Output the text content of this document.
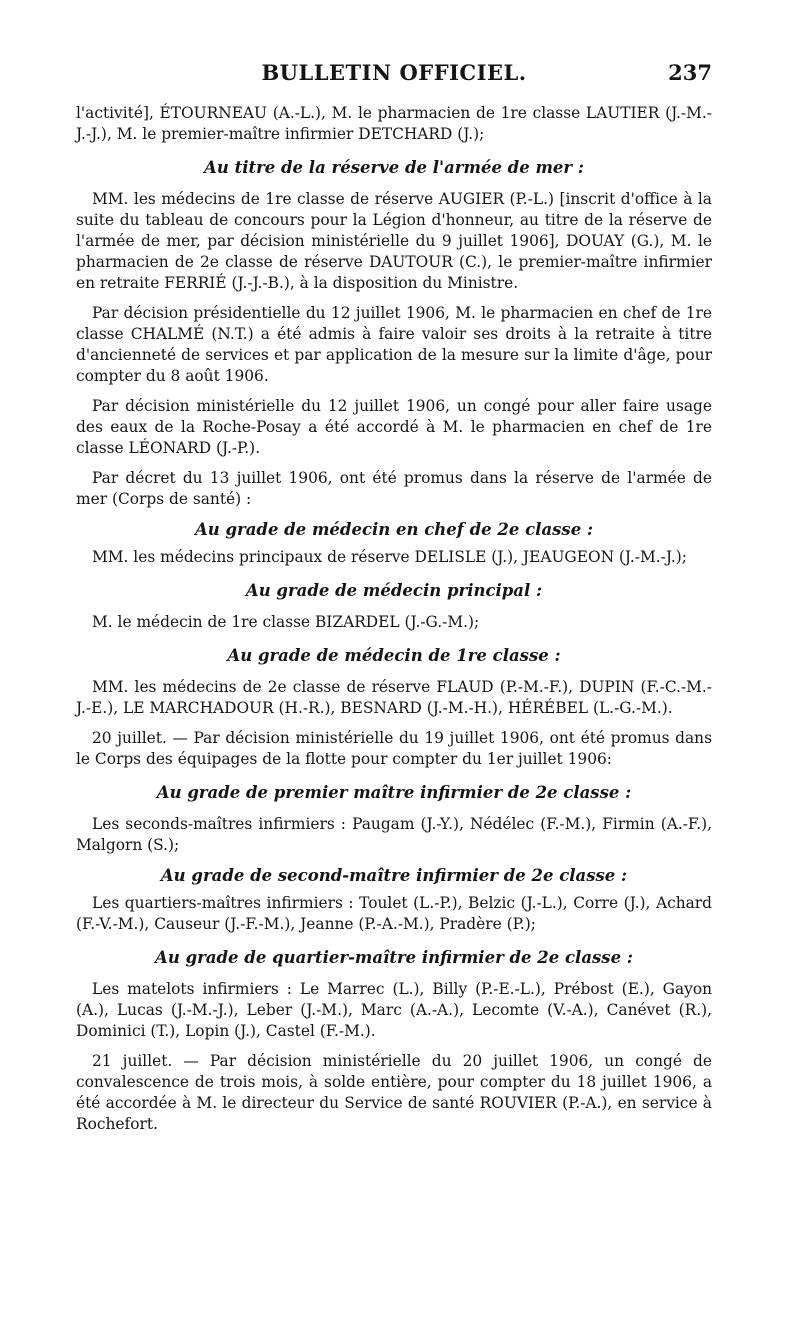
BULLETIN OFFICIEL.	237

l'activité], ÉTOURNEAU (A.-L.), M. le pharmacien de 1re classe LAUTIER (J.-M.-J.-J.), M. le premier-maître infirmier DETCHARD (J.);

Au titre de la réserve de l'armée de mer :

MM. les médecins de 1re classe de réserve AUGIER (P.-L.) [inscrit d'office à la suite du tableau de concours pour la Légion d'honneur, au titre de la réserve de l'armée de mer, par décision ministérielle du 9 juillet 1906], DOUAY (G.), M. le pharmacien de 2e classe de réserve DAUTOUR (C.), le premier-maître infirmier en retraite FERRIÉ (J.-J.-B.), à la disposition du Ministre.

Par décision présidentielle du 12 juillet 1906, M. le pharmacien en chef de 1re classe CHALMÉ (N.T.) a été admis à faire valoir ses droits à la retraite à titre d'ancienneté de services et par application de la mesure sur la limite d'âge, pour compter du 8 août 1906.

Par décision ministérielle du 12 juillet 1906, un congé pour aller faire usage des eaux de la Roche-Posay a été accordé à M. le pharmacien en chef de 1re classe LÉONARD (J.-P.).

Par décret du 13 juillet 1906, ont été promus dans la réserve de l'armée de mer (Corps de santé) :

Au grade de médecin en chef de 2e classe :

MM. les médecins principaux de réserve DELISLE (J.), JEAUGEON (J.-M.-J.);

Au grade de médecin principal :

M. le médecin de 1re classe BIZARDEL (J.-G.-M.);

Au grade de médecin de 1re classe :

MM. les médecins de 2e classe de réserve FLAUD (P.-M.-F.), DUPIN (F.-C.-M.-J.-E.), LE MARCHADOUR (H.-R.), BESNARD (J.-M.-H.), HÉRÉBEL (L.-G.-M.).

20 juillet. — Par décision ministérielle du 19 juillet 1906, ont été promus dans le Corps des équipages de la flotte pour compter du 1er juillet 1906:

Au grade de premier maître infirmier de 2e classe :

Les seconds-maîtres infirmiers : Paugam (J.-Y.), Nédélec (F.-M.), Firmin (A.-F.), Malgorn (S.);

Au grade de second-maître infirmier de 2e classe :

Les quartiers-maîtres infirmiers : Toulet (L.-P.), Belzic (J.-L.), Corre (J.), Achard (F.-V.-M.), Causeur (J.-F.-M.), Jeanne (P.-A.-M.), Pradère (P.);

Au grade de quartier-maître infirmier de 2e classe :

Les matelots infirmiers : Le Marrec (L.), Billy (P.-E.-L.), Prébost (E.), Gayon (A.), Lucas (J.-M.-J.), Leber (J.-M.), Marc (A.-A.), Lecomte (V.-A.), Canévet (R.), Dominici (T.), Lopin (J.), Castel (F.-M.).

21 juillet. — Par décision ministérielle du 20 juillet 1906, un congé de convalescence de trois mois, à solde entière, pour compter du 18 juillet 1906, a été accordée à M. le directeur du Service de santé ROUVIER (P.-A.), en service à Rochefort.
